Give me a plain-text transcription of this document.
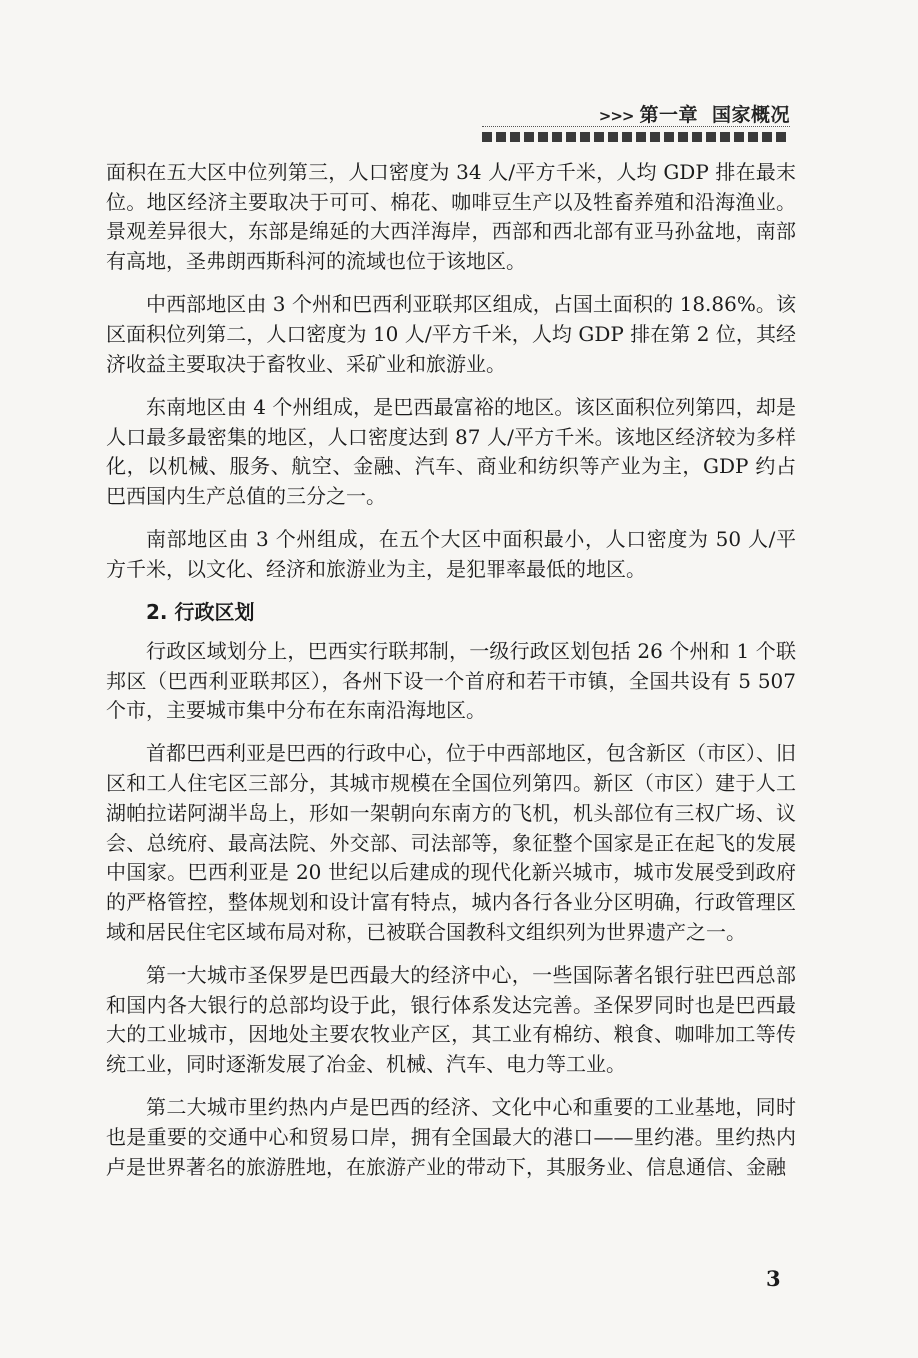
>>> 第一章 国家概况

面积在五大区中位列第三，人口密度为 34 人/平方千米，人均 GDP 排在最末位。地区经济主要取决于可可、棉花、咖啡豆生产以及牲畜养殖和沿海渔业。景观差异很大，东部是绵延的大西洋海岸，西部和西北部有亚马孙盆地，南部有高地，圣弗朗西斯科河的流域也位于该地区。

中西部地区由 3 个州和巴西利亚联邦区组成，占国土面积的 18.86%。该区面积位列第二，人口密度为 10 人/平方千米，人均 GDP 排在第 2 位，其经济收益主要取决于畜牧业、采矿业和旅游业。

东南地区由 4 个州组成，是巴西最富裕的地区。该区面积位列第四，却是人口最多最密集的地区，人口密度达到 87 人/平方千米。该地区经济较为多样化，以机械、服务、航空、金融、汽车、商业和纺织等产业为主，GDP 约占巴西国内生产总值的三分之一。

南部地区由 3 个州组成，在五个大区中面积最小，人口密度为 50 人/平方千米，以文化、经济和旅游业为主，是犯罪率最低的地区。

2. 行政区划

行政区域划分上，巴西实行联邦制，一级行政区划包括 26 个州和 1 个联邦区（巴西利亚联邦区），各州下设一个首府和若干市镇，全国共设有 5 507 个市，主要城市集中分布在东南沿海地区。

首都巴西利亚是巴西的行政中心，位于中西部地区，包含新区（市区）、旧区和工人住宅区三部分，其城市规模在全国位列第四。新区（市区）建于人工湖帕拉诺阿湖半岛上，形如一架朝向东南方的飞机，机头部位有三权广场、议会、总统府、最高法院、外交部、司法部等，象征整个国家是正在起飞的发展中国家。巴西利亚是 20 世纪以后建成的现代化新兴城市，城市发展受到政府的严格管控，整体规划和设计富有特点，城内各行各业分区明确，行政管理区域和居民住宅区域布局对称，已被联合国教科文组织列为世界遗产之一。

第一大城市圣保罗是巴西最大的经济中心，一些国际著名银行驻巴西总部和国内各大银行的总部均设于此，银行体系发达完善。圣保罗同时也是巴西最大的工业城市，因地处主要农牧业产区，其工业有棉纺、粮食、咖啡加工等传统工业，同时逐渐发展了冶金、机械、汽车、电力等工业。

第二大城市里约热内卢是巴西的经济、文化中心和重要的工业基地，同时也是重要的交通中心和贸易口岸，拥有全国最大的港口——里约港。里约热内卢是世界著名的旅游胜地，在旅游产业的带动下，其服务业、信息通信、金融

3
